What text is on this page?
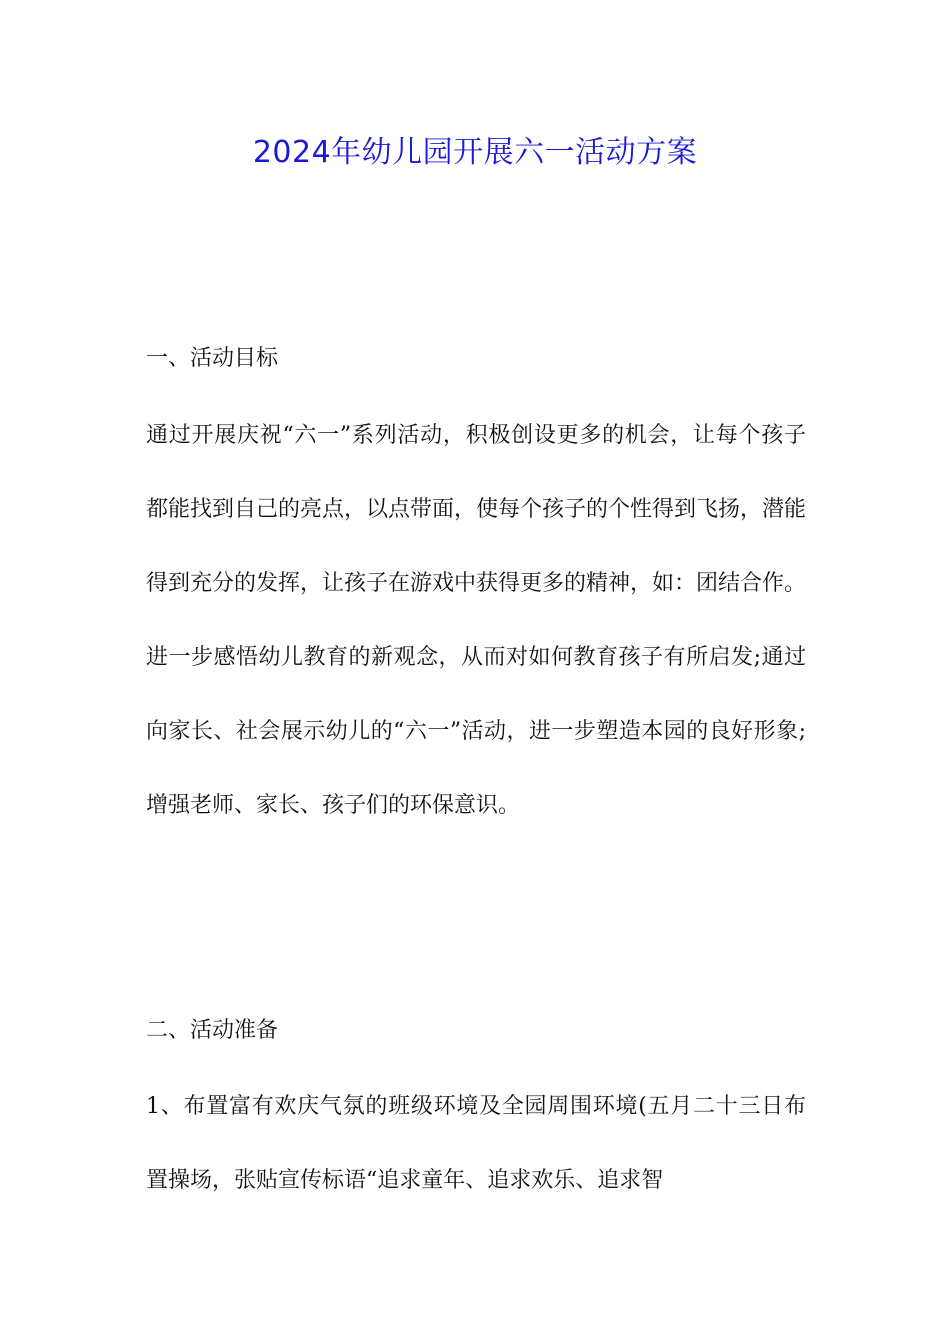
2024年幼儿园开展六一活动方案
一、活动目标
通过开展庆祝“六一”系列活动，积极创设更多的机会，让每个孩子都能找到自己的亮点，以点带面，使每个孩子的个性得到飞扬，潜能得到充分的发挥，让孩子在游戏中获得更多的精神，如：团结合作。进一步感悟幼儿教育的新观念，从而对如何教育孩子有所启发;通过向家长、社会展示幼儿的“六一”活动，进一步塑造本园的良好形象;增强老师、家长、孩子们的环保意识。
二、活动准备
1、布置富有欢庆气氛的班级环境及全园周围环境(五月二十三日布置操场，张贴宣传标语“追求童年、追求欢乐、追求智
